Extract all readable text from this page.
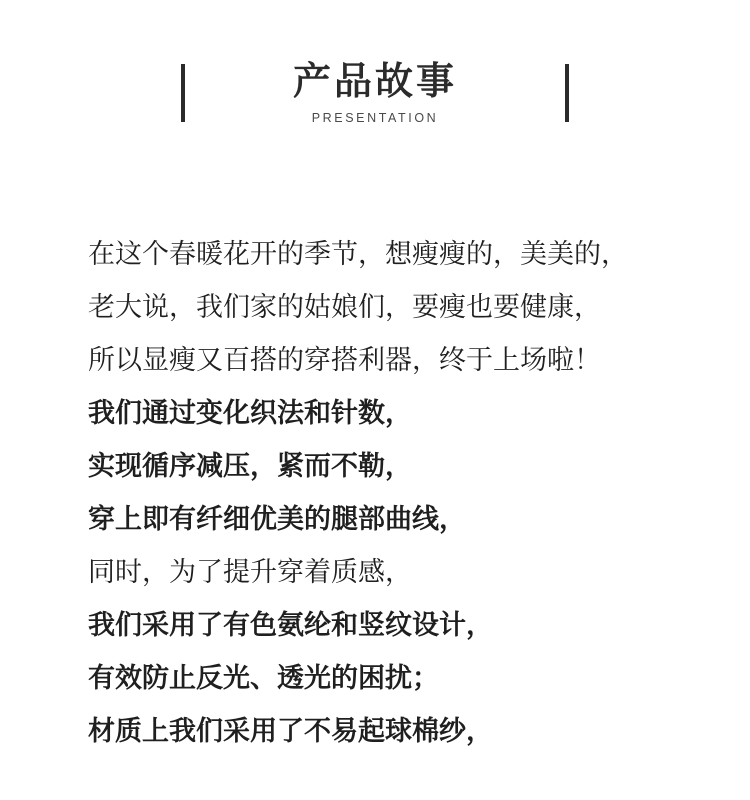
产品故事
PRESENTATION
在这个春暖花开的季节，想瘦瘦的，美美的，
老大说，我们家的姑娘们，要瘦也要健康，
所以显瘦又百搭的穿搭利器，终于上场啦！
我们通过变化织法和针数，
实现循序减压，紧而不勒，
穿上即有纤细优美的腿部曲线，
同时，为了提升穿着质感，
我们采用了有色氨纶和竖纹设计，
有效防止反光、透光的困扰；
材质上我们采用了不易起球棉纱，
